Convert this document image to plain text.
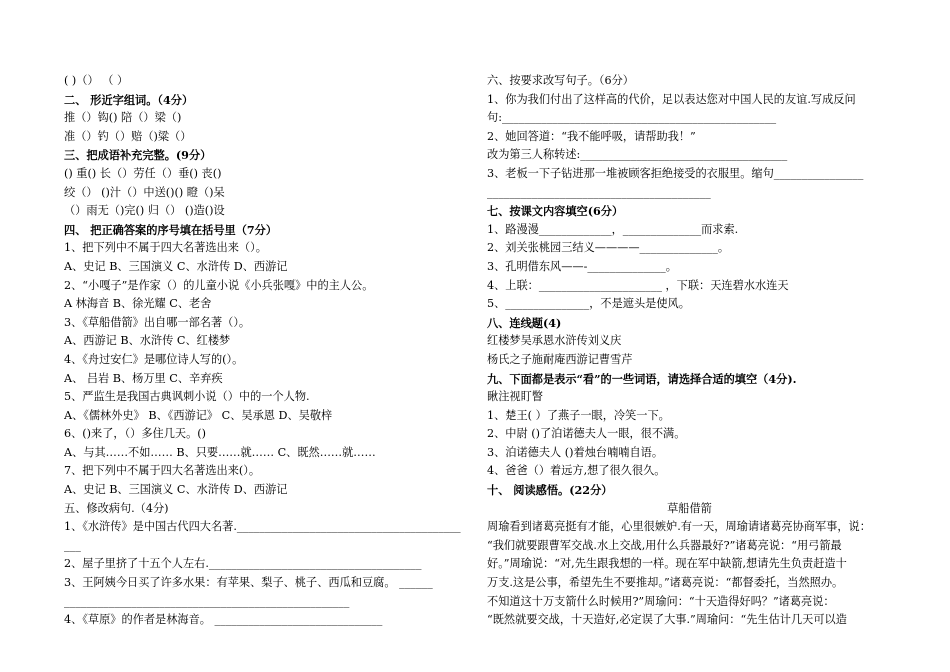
( )（） （ ）
二、 形近字组词。（4分）
推（）钩() 陪（）梁（)
准（）钓（）赔（)粱（）
三、把成语补充完整。(9分）
() 重() 长（）劳任（）垂() 丧()
绞（） ()汁（）中送()() 瞪（)呆
（）雨无（)完() 归（） ()造()设
四、 把正确答案的序号填在括号里（7分）
1、把下列中不属于四大名著选出来（）。
A、史记 B、三国演义 C、水浒传 D、西游记
2、“小嘎子”是作家（）的儿童小说《小兵张嘎》中的主人公。
A 林海音 B、徐光耀 C、老舍
3、《草船借箭》出自哪一部名著（）。
A、西游记 B、水浒传 C、红楼梦
4、《舟过安仁》是哪位诗人写的(）。
A、 吕岩 B、杨万里 C、辛弃疾
5、严监生是我国古典讽刺小说（）中的一个人物.
A、《儒林外史》 B、《西游记》 C、吴承恩 D、吴敬梓
6、()来了，（）多住几天。()
A、与其……不如…… B、只要……就…… C、既然……就……
7、把下列中不属于四大名著选出来(）。
A、史记 B、三国演义 C、水浒传 D、西游记
五、修改病句.（4分)
1、《水浒传》是中国古代四大名著.________________________________________
___
2、屋子里挤了十五个人左右.______________________________________
3、王阿姨今日买了许多水果：有苹果、梨子、桃子、西瓜和豆腐。 ______
___________________________________________________
4、《草原》的作者是林海音。 ______________________________
六、按要求改写句子。（6分）
1、你为我们付出了这样高的代价，足以表达您对中国人民的友谊.写成反问
句:_________________________________________________
2、她回答道：“我不能呼吸，请帮助我！”
改为第三人称转述:_____________________________________
3、老板一下子钻进那一堆被顾客拒绝接受的衣服里。缩句________________
________________________________________
七、按课文内容填空(6分）
1、路漫漫_____________，______________而求索.
2、刘关张桃园三结义————______________。
3、孔明借东风——-______________。
4、上联：______________________ ，下联：天连碧水水连天
5、_______________，不是遮头是使风。
八、连线题(4)
红楼梦吴承恩水浒传刘义庆
杨氏之子施耐庵西游记曹雪芹
九、下面都是表示“看”的一些词语，请选择合适的填空（4分).
瞅注视盯瞥
1、楚王( ）了燕子一眼，冷笑一下。
2、中尉 ()了泊诺德夫人一眼，很不满。
3、泊诺德夫人 ()着烛台喃喃自语。
4、爸爸（）着远方,想了很久很久。
十、 阅读感悟。(22分）
草船借箭
周瑜看到诸葛亮挺有才能，心里很嫉妒.有一天，周瑜请诸葛亮协商军事，说：
“我们就要跟曹军交战.水上交战,用什么兵器最好?”诸葛亮说：“用弓箭最
好。”周瑜说：“对,先生跟我想的一样。现在军中缺箭,想请先生负责赶造十
万支.这是公事，希望先生不要推却。”诸葛亮说：“都督委托，当然照办。
不知道这十万支箭什么时候用?”周瑜问：“十天造得好吗？”诸葛亮说：
“既然就要交战，十天造好,必定误了大事.”周瑜问：“先生估计几天可以造
